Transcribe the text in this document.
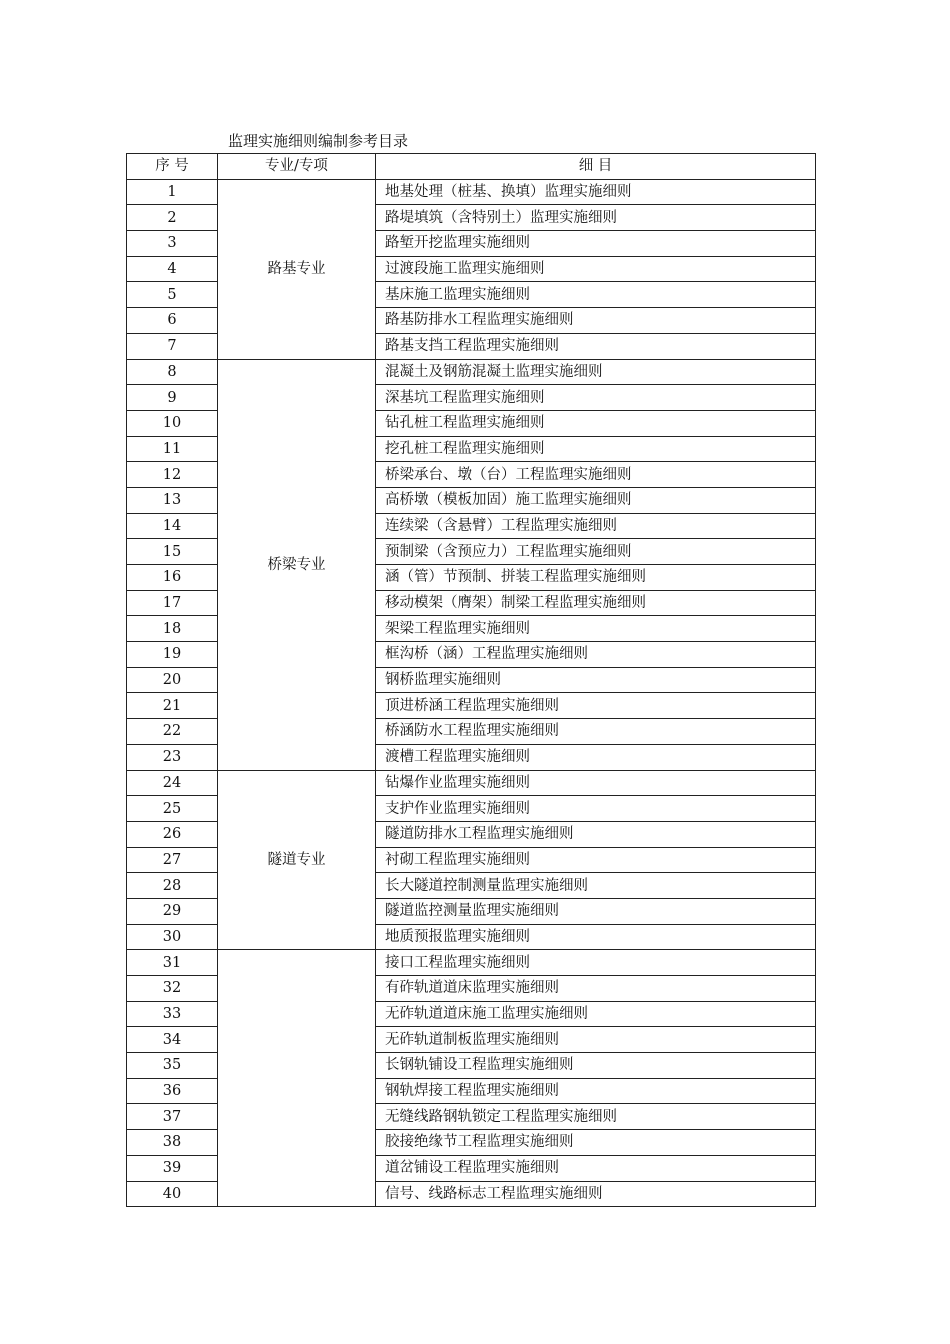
监理实施细则编制参考目录
序 号	专业/专项	细 目
1	路基专业	地基处理（桩基、换填）监理实施细则
2		路堤填筑（含特别土）监理实施细则
3		路堑开挖监理实施细则
4		过渡段施工监理实施细则
5		基床施工监理实施细则
6		路基防排水工程监理实施细则
7		路基支挡工程监理实施细则
8	桥梁专业	混凝土及钢筋混凝土监理实施细则
9		深基坑工程监理实施细则
10		钻孔桩工程监理实施细则
11		挖孔桩工程监理实施细则
12		桥梁承台、墩（台）工程监理实施细则
13		高桥墩（模板加固）施工监理实施细则
14		连续梁（含悬臂）工程监理实施细则
15		预制梁（含预应力）工程监理实施细则
16		涵（管）节预制、拼装工程监理实施细则
17		移动模架（膺架）制梁工程监理实施细则
18		架梁工程监理实施细则
19		框沟桥（涵）工程监理实施细则
20		钢桥监理实施细则
21		顶进桥涵工程监理实施细则
22		桥涵防水工程监理实施细则
23		渡槽工程监理实施细则
24	隧道专业	钻爆作业监理实施细则
25		支护作业监理实施细则
26		隧道防排水工程监理实施细则
27		衬砌工程监理实施细则
28		长大隧道控制测量监理实施细则
29		隧道监控测量监理实施细则
30		地质预报监理实施细则
31		接口工程监理实施细则
32		有砟轨道道床监理实施细则
33		无砟轨道道床施工监理实施细则
34		无砟轨道制板监理实施细则
35		长钢轨铺设工程监理实施细则
36		钢轨焊接工程监理实施细则
37		无缝线路钢轨锁定工程监理实施细则
38		胶接绝缘节工程监理实施细则
39		道岔铺设工程监理实施细则
40		信号、线路标志工程监理实施细则
